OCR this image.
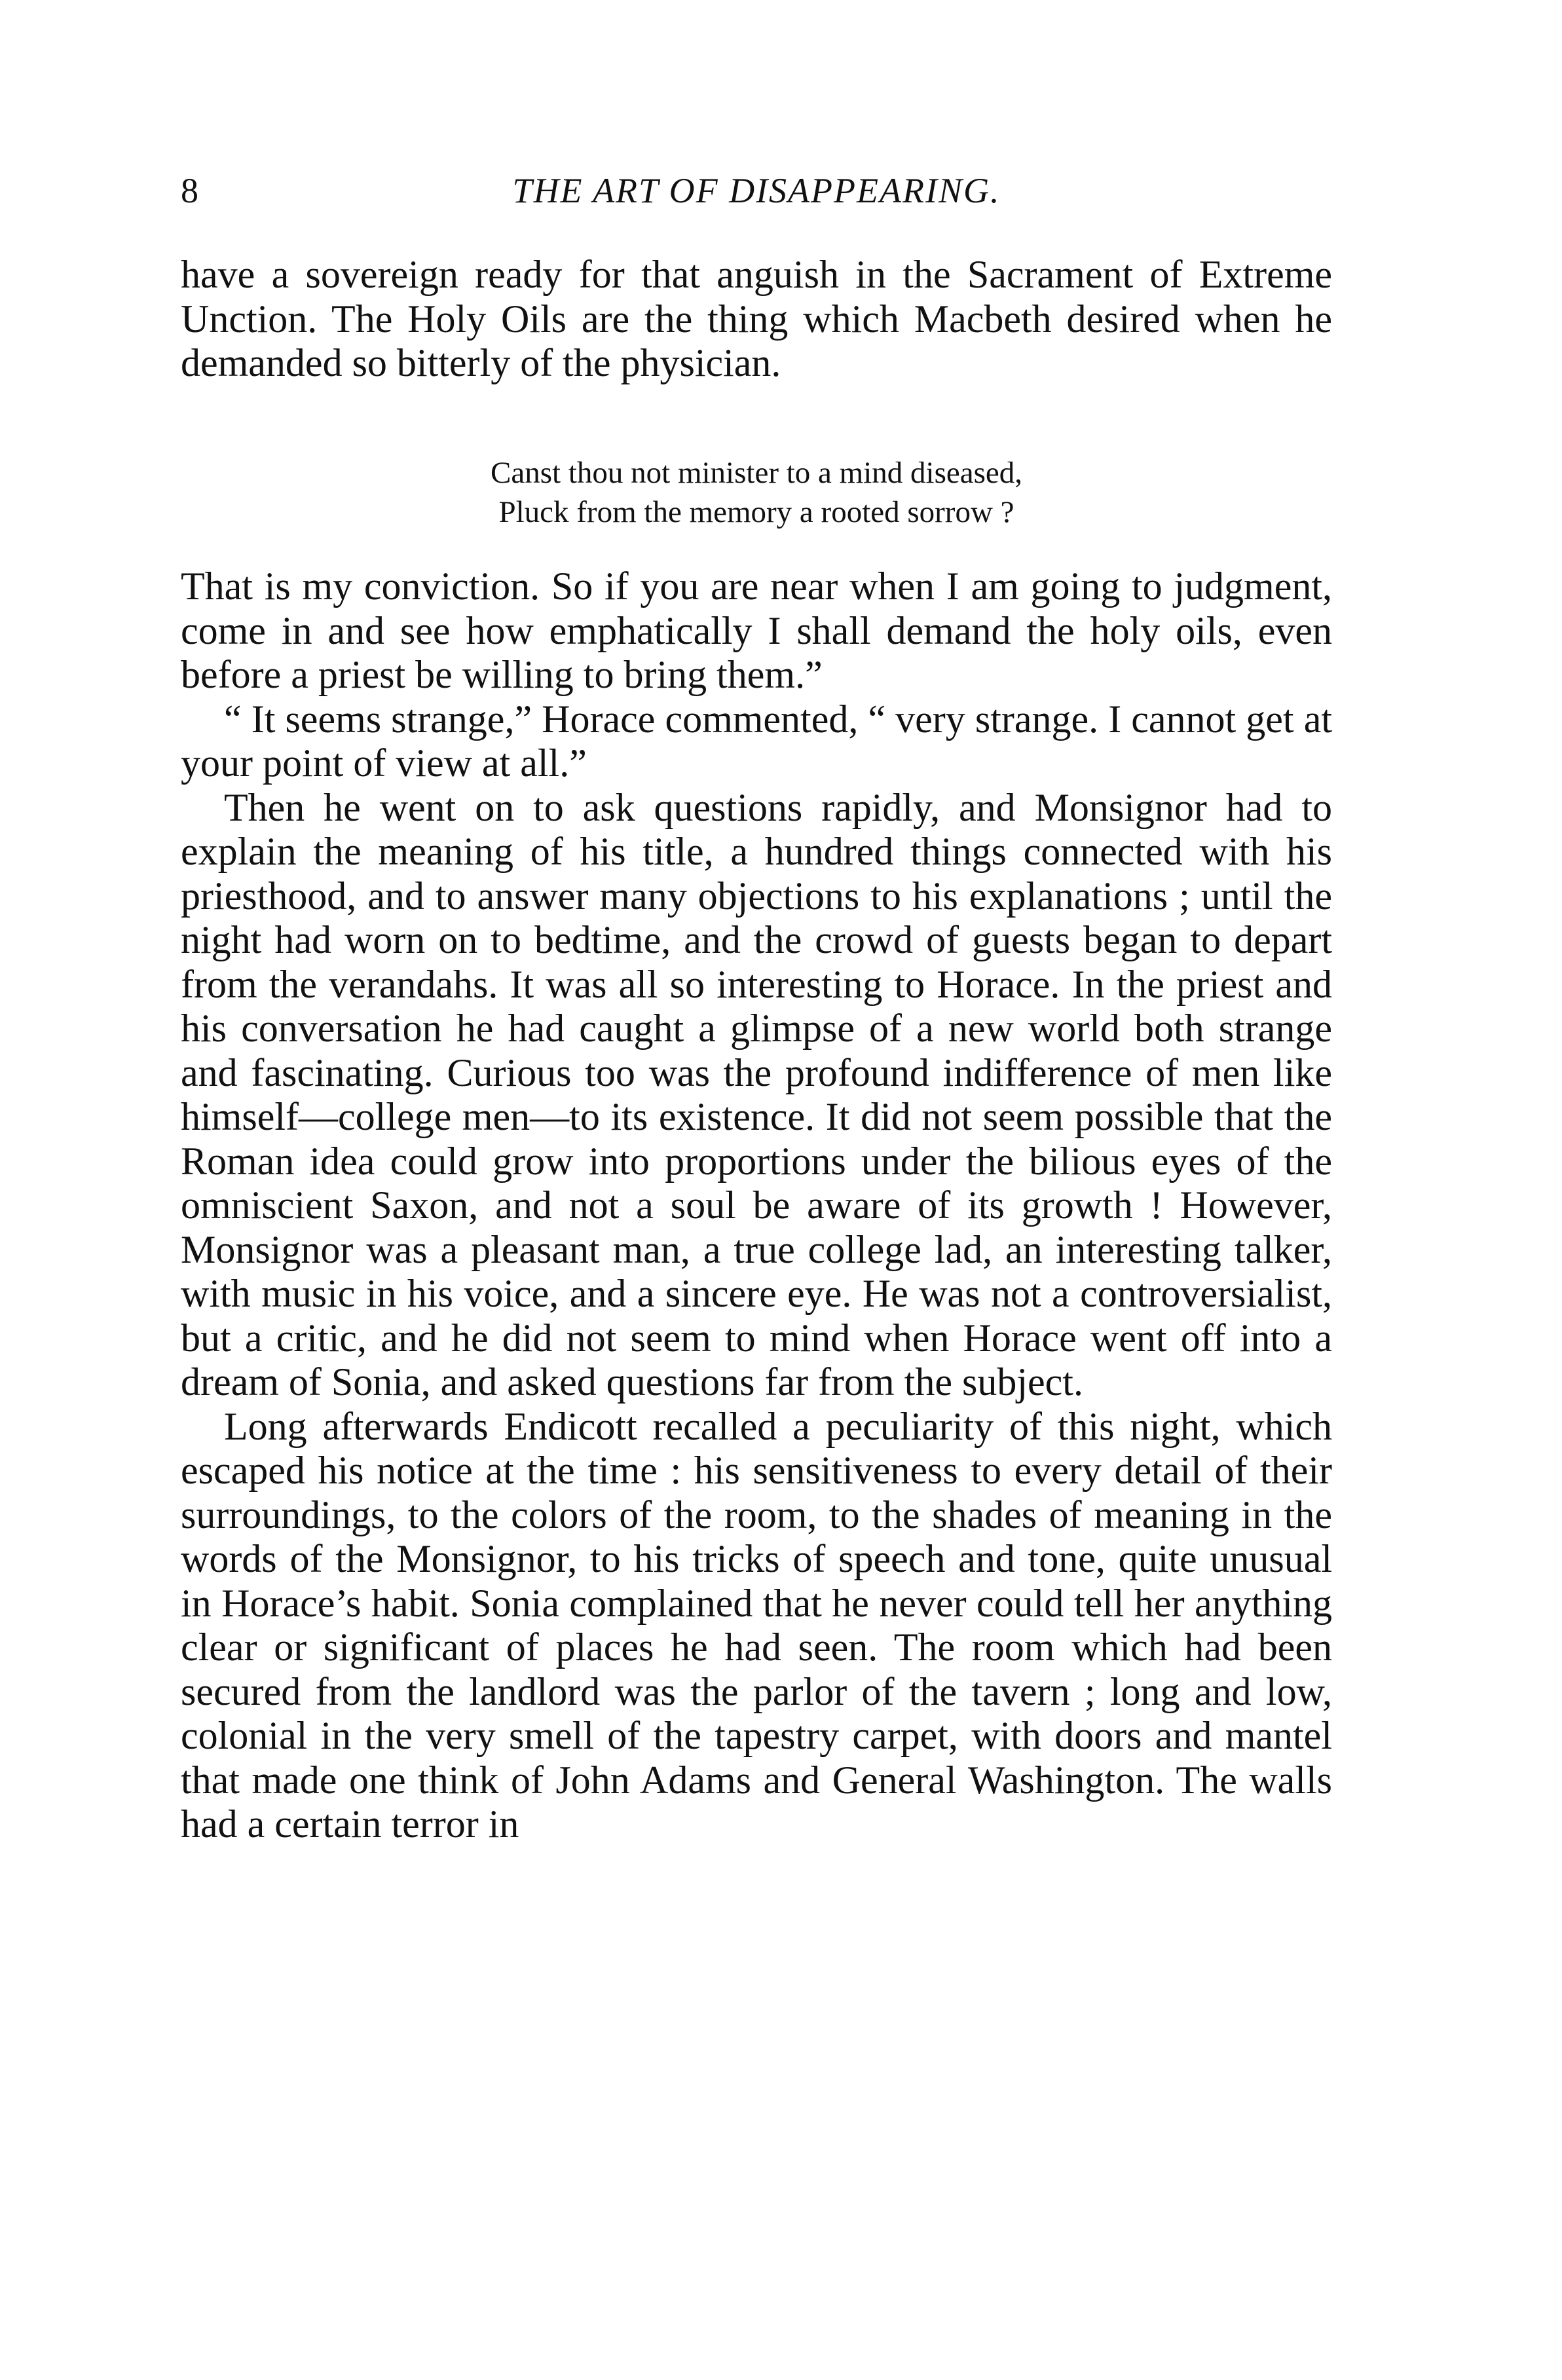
8	THE ART OF DISAPPEARING.

have a sovereign ready for that anguish in the Sacrament of Extreme Unction. The Holy Oils are the thing which Macbeth desired when he demanded so bitterly of the physician.

Canst thou not minister to a mind diseased,
Pluck from the memory a rooted sorrow ?

That is my conviction. So if you are near when I am going to judgment, come in and see how emphatically I shall demand the holy oils, even before a priest be willing to bring them.”

“ It seems strange,” Horace commented, “ very strange. I cannot get at your point of view at all.”

Then he went on to ask questions rapidly, and Monsignor had to explain the meaning of his title, a hundred things connected with his priesthood, and to answer many objections to his explanations ; until the night had worn on to bedtime, and the crowd of guests began to depart from the verandahs. It was all so interesting to Horace. In the priest and his conversation he had caught a glimpse of a new world both strange and fascinating. Curious too was the profound indifference of men like himself—college men—to its existence. It did not seem possible that the Roman idea could grow into proportions under the bilious eyes of the omniscient Saxon, and not a soul be aware of its growth ! However, Monsignor was a pleasant man, a true college lad, an interesting talker, with music in his voice, and a sincere eye. He was not a controversialist, but a critic, and he did not seem to mind when Horace went off into a dream of Sonia, and asked questions far from the subject.

Long afterwards Endicott recalled a peculiarity of this night, which escaped his notice at the time : his sensitiveness to every detail of their surroundings, to the colors of the room, to the shades of meaning in the words of the Monsignor, to his tricks of speech and tone, quite unusual in Horace’s habit. Sonia complained that he never could tell her anything clear or significant of places he had seen. The room which had been secured from the landlord was the parlor of the tavern ; long and low, colonial in the very smell of the tapestry carpet, with doors and mantel that made one think of John Adams and General Washington. The walls had a certain terror in
